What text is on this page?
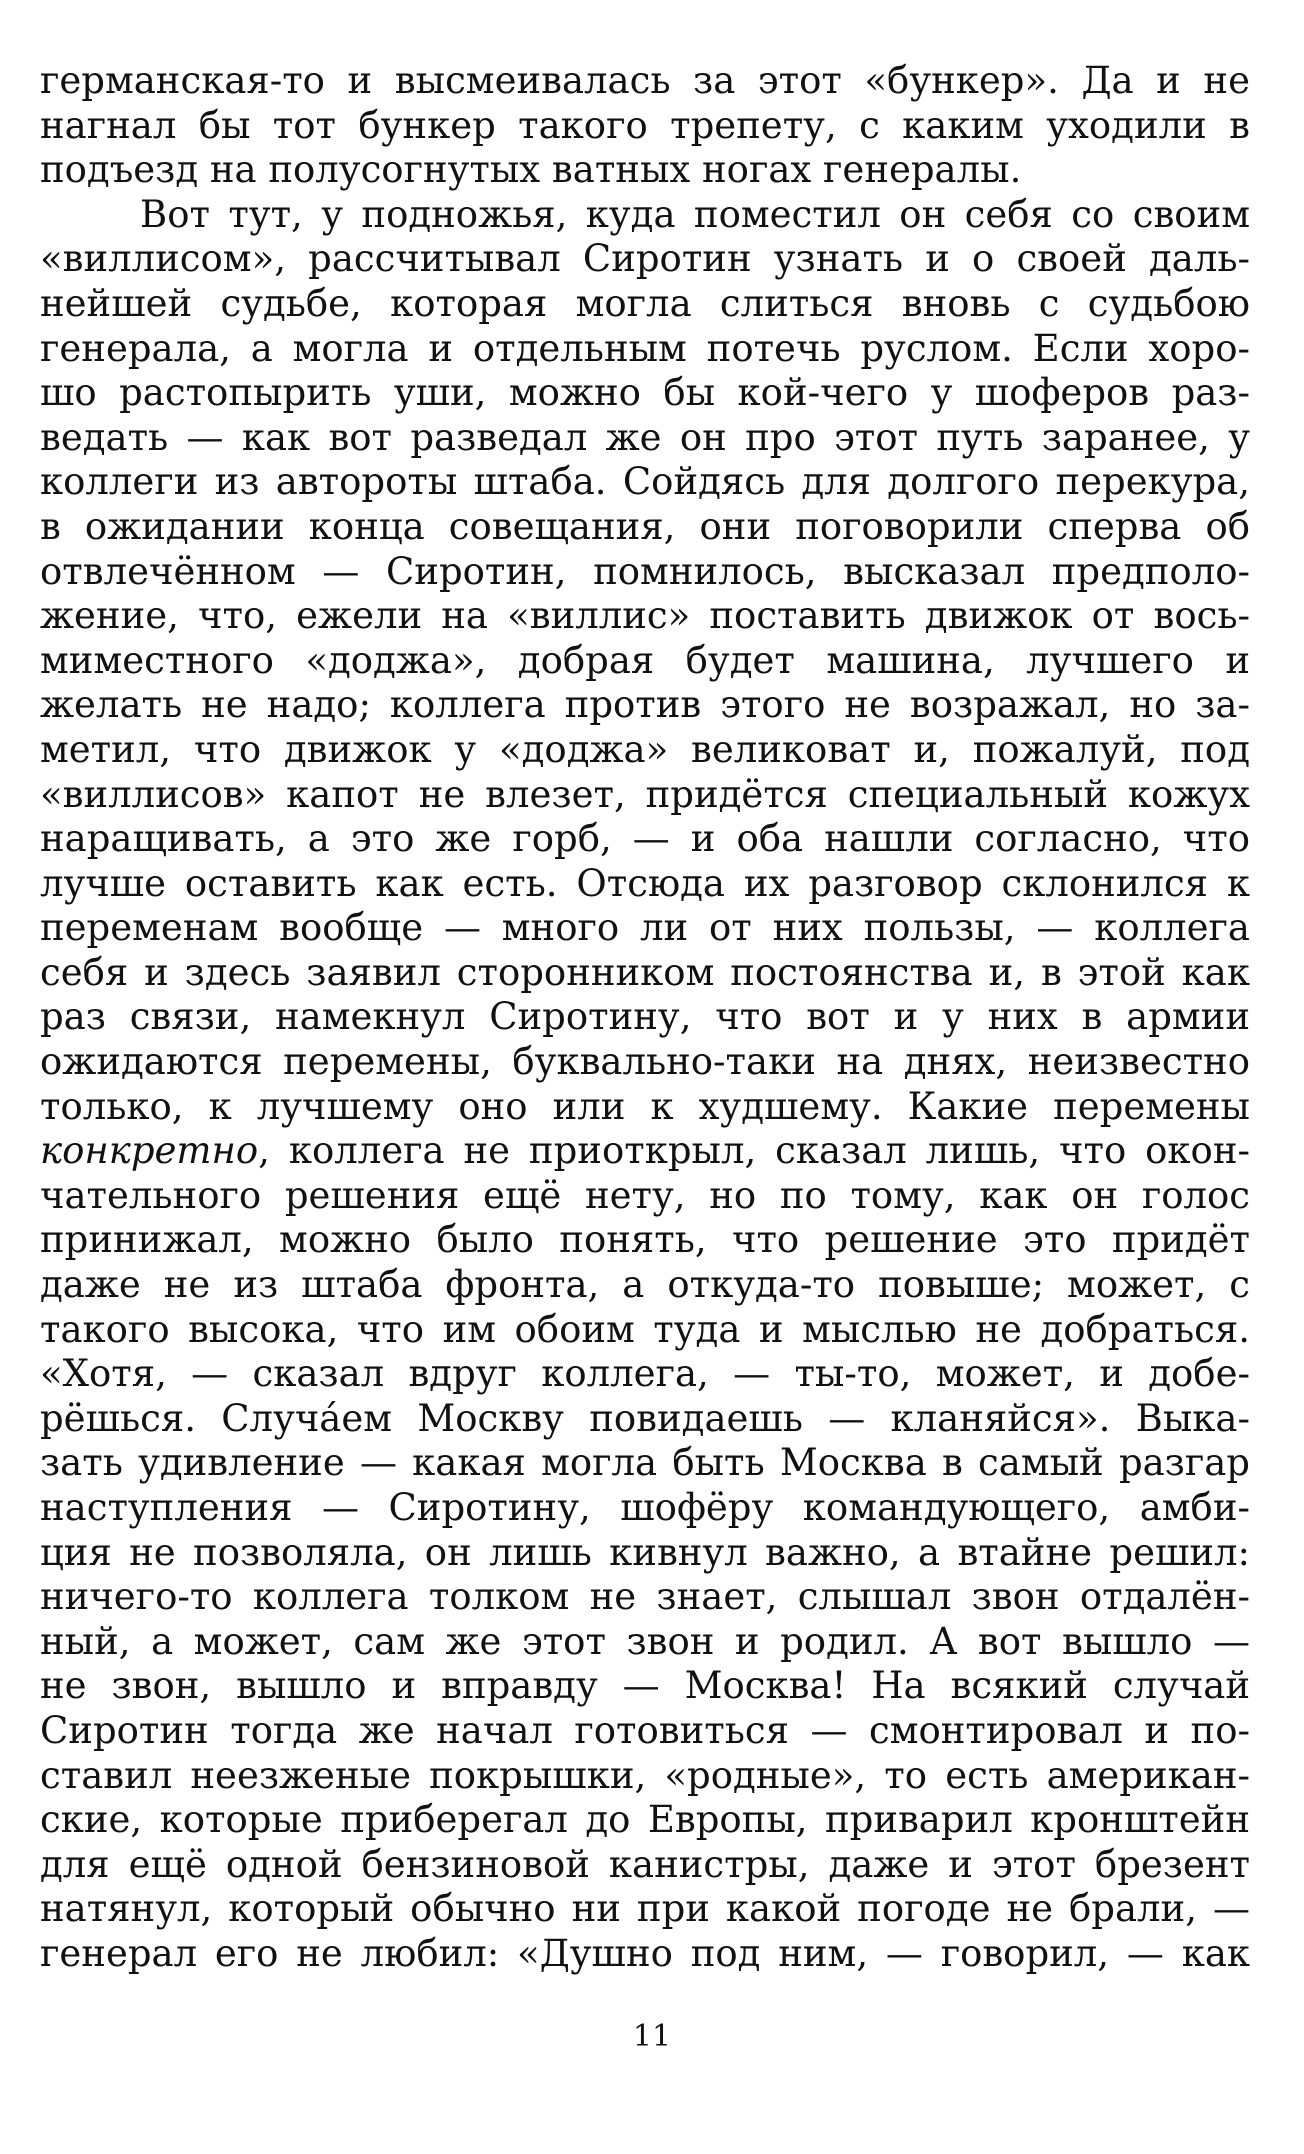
германская-то и высмеивалась за этот «бункер». Да и не
нагнал бы тот бункер такого трепету, с каким уходили в
подъезд на полусогнутых ватных ногах генералы.
Вот тут, у подножья, куда поместил он себя со своим
«виллисом», рассчитывал Сиротин узнать и о своей даль-
нейшей судьбе, которая могла слиться вновь с судьбою
генерала, а могла и отдельным потечь руслом. Если хоро-
шо растопырить уши, можно бы кой-чего у шоферов раз-
ведать — как вот разведал же он про этот путь заранее, у
коллеги из автороты штаба. Сойдясь для долгого перекура,
в ожидании конца совещания, они поговорили сперва об
отвлечённом — Сиротин, помнилось, высказал предполо-
жение, что, ежели на «виллис» поставить движок от вось-
миместного «доджа», добрая будет машина, лучшего и
желать не надо; коллега против этого не возражал, но за-
метил, что движок у «доджа» великоват и, пожалуй, под
«виллисов» капот не влезет, придётся специальный кожух
наращивать, а это же горб, — и оба нашли согласно, что
лучше оставить как есть. Отсюда их разговор склонился к
переменам вообще — много ли от них пользы, — коллега
себя и здесь заявил сторонником постоянства и, в этой как
раз связи, намекнул Сиротину, что вот и у них в армии
ожидаются перемены, буквально-таки на днях, неизвестно
только, к лучшему оно или к худшему. Какие перемены
конкретно, коллега не приоткрыл, сказал лишь, что окон-
чательного решения ещё нету, но по тому, как он голос
принижал, можно было понять, что решение это придёт
даже не из штаба фронта, а откуда-то повыше; может, с
такого высока, что им обоим туда и мыслью не добраться.
«Хотя, — сказал вдруг коллега, — ты-то, может, и добе-
рёшься. Случа́ем Москву повидаешь — кланяйся». Выка-
зать удивление — какая могла быть Москва в самый разгар
наступления — Сиротину, шофёру командующего, амби-
ция не позволяла, он лишь кивнул важно, а втайне решил:
ничего-то коллега толком не знает, слышал звон отдалён-
ный, а может, сам же этот звон и родил. А вот вышло —
не звон, вышло и вправду — Москва! На всякий случай
Сиротин тогда же начал готовиться — смонтировал и по-
ставил неезженые покрышки, «родные», то есть американ-
ские, которые приберегал до Европы, приварил кронштейн
для ещё одной бензиновой канистры, даже и этот брезент
натянул, который обычно ни при какой погоде не брали, —
генерал его не любил: «Душно под ним, — говорил, — как
11
